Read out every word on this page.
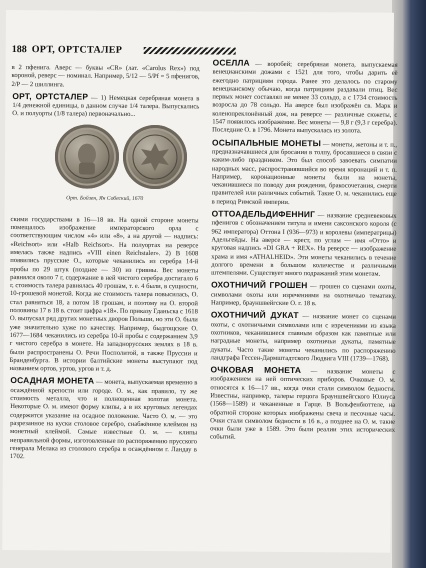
188 ОРТ, ОРТСТАЛЕР

в 2 пфенига. Аверс — буквы «CR» (лат. «Carolus Rex») под короной, реверс — номинал. Например, 5/12 — 5/Pf = 5 пфенигов, 2/P — 2 шиллинга.

ОРТ, ОРТСТАЛЕР — 1) Немецкая серебряная монета в 1/4 денежной единицы, в данном случае 1/4 талера. Выпускались О. и полуорты (1/8 талера) первоначально...
Орт. Бойзен, Ян Собеский, 1670

скими государствами в 16—18 вв. На одной стороне монеты помещалось изображение императорского орла с соответствующим числом «4» или «8», а на другой — надпись: «Reichsort» или «Halb Reichsort». На полуортах на реверсе имелась также надпись «VIII einen Reichstaler». 2) В 1608 появились прусские О., которые чеканились из серебра 14-й пробы по 29 штук (позднее — 30) из гривны. Вес монеты равнялся около 7 г, содержание в ней чистого серебра достигало 6 г, стоимость талера равнялась 40 грошам, т. е. 4 были, в сущности, 10-грошевой монетой. Когда же стоимость талера повысилась, О. стал равняться 18, а потом 18 грошам, и поэтому на О. второй половины 17 в 18 в. стоит цифра «18». По приказу Гданьска с 1618 О. выпускал ряд других монетных дворов Польши, но эти О. были уже значительно хуже по качеству. Например, быдгощские О. 1677—1684 чеканились из серебра 10-й пробы с содержанием 3,9 г чистого серебра в монете. На западнорусских землях в 18 в. были распространены О. Речи Посполитой, в также Пруссии и Бранденбурга. В истории балтийские монеты выступают под названием ортов, уртов, ургов и т. д.

ОСАДНАЯ МОНЕТА — монета, выпускаемая временно в осаждённой крепости или городе. О. м., как правило, ту же стоимость металла, что и полноценная золотая монета. Некоторые О. м. имеют форму клипы, а в их круговых легендах содержится указание на осадное положение. Часто О. м. — это разрезанное на куски столовое серебро, снабжённое клеймом на монетный клеймой. Самые известные О. м. — клипы неправильной формы, изготовленные по распоряжению прусского генерала Мелака из столового серебра в осаждённом г. Ландау в 1702.
ОСЕЛЛА — воробей; серебряная монета, выпускаемая венецианскими дожами с 1521 для того, чтобы дарить её ежегодно патрициям города. Ранее это делалось по старому венецианскому обычаю, когда патрициям раздавали птиц. Вес первых монет составлял не менее 33 сольдо, а с 1734 стоимость возросла до 78 сольдо. На аверсе был изображён св. Марк и коленопреклонённый дож, на реверсе — различные сюжеты, с 1547 появилось изображение. Вес монеты — 9,8 г (9,3 г серебра). Последние О. в 1796. Монета выпускалась из золота.
ОСЫПАЛЬНЫЕ МОНЕТЫ — монеты, жетоны и т. п., предназначавшиеся для бросания в толпу, бросавшиеся в связи с каким-либо праздником. Это был способ завоевать симпатии народных масс, распространявшийся во время коронаций и т. п. Например, коронационные монеты были на монеты, чеканившиеся по поводу дня рождения, бракосочетания, смерти правителей или различных событий. Такие О. м. чеканились еще в период Римской империи.
ОТТОАДЕЛЬДИФЕННИГ — название средневековых пфенигов с обозначением титула и имени саксонского короля (с 962 императора) Оттона I (936—973) и королевы (императрицы) Адельгейды. На аверсе — крест, по углам — имя «Отто» и круговая надпись «DI GRA + REX». На реверсе — изображение храма и имя «ATHALHEID». Эти монеты чеканились в течение долгого времени в большом количестве и различными штемпелями. Существует много подражаний этим монетам.
ОХОТНИЧИЙ ГРОШЕН — грошен со сценами охоты, символами охоты или изречениями на охотничью тематику. Например, брауншвейгские О. г. 18 в.
ОХОТНИЧИЙ ДУКАТ — название монет со сценами охоты, с охотничьими символами или с изречениями из языка охотников, чеканившиеся главным образом как памятные или наградные монеты, например охотничьи дукаты, памятные дукаты. Часто такие монеты чеканились по распоряжению ландграфа Гессен-Дармштадтского Людвига VIII (1739—1768).
ОЧКОВАЯ МОНЕТА — название монеты с изображением на ней оптических приборов. Очковые О. м. относятся к 16—17 вв., когда очки стали символом бедности. Известны, например, талеры герцога Брауншвейгского Юлиуса (1568—1589) и чеканенные в Гарце. В Вольфенбюттеле, на обратной стороне которых изображены свеча и песочные часы. Очки стали символом бедности в 16 в., а позднее на О. м. такие очки были уже в 1589. Это были реалии этих исторических событий.
